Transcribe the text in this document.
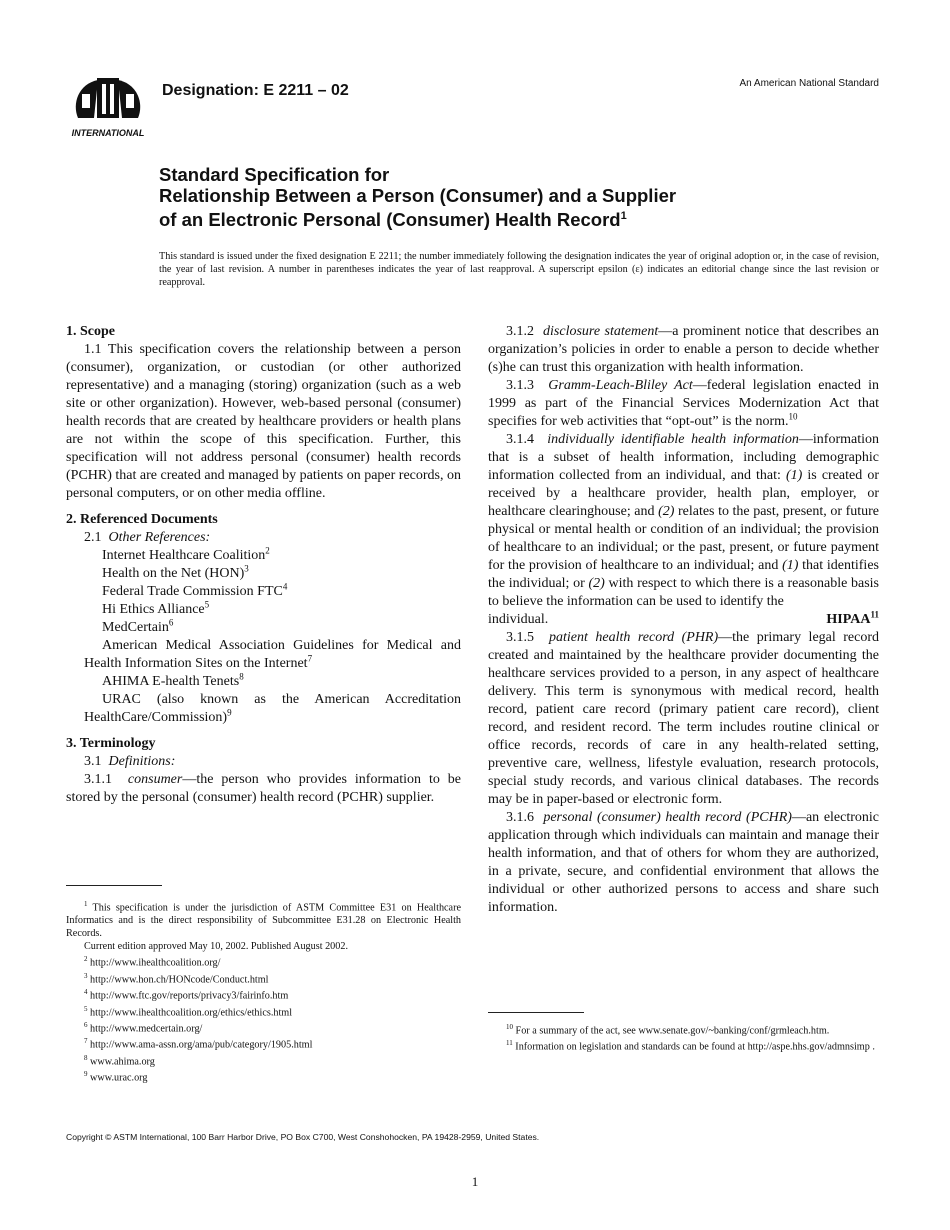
INTERNATIONAL
Designation: E 2211 – 02	An American National Standard
Standard Specification for
Relationship Between a Person (Consumer) and a Supplier
of an Electronic Personal (Consumer) Health Record$^1$

This standard is issued under the fixed designation E 2211; the number immediately following the designation indicates the year of original adoption or, in the case of revision, the year of last revision. A number in parentheses indicates the year of last reapproval. A superscript epsilon (ε) indicates an editorial change since the last revision or reapproval.

1. Scope

1.1 This specification covers the relationship between a person (consumer), organization, or custodian (or other authorized representative) and a managing (storing) organization (such as a web site or other organization). However, web-based personal (consumer) health records that are created by healthcare providers or health plans are not within the scope of this specification. Further, this specification will not address personal (consumer) health records (PCHR) that are created and managed by patients on paper records, on personal computers, or on other media offline.

2. Referenced Documents

2.1 Other References:

Internet Healthcare Coalition$^2$

Health on the Net (HON)$^3$

Federal Trade Commission FTC$^4$

Hi Ethics Alliance$^5$

MedCertain$^6$

American Medical Association Guidelines for Medical and Health Information Sites on the Internet$^7$

AHIMA E-health Tenets$^8$

URAC (also known as the American Accreditation HealthCare/Commission)$^9$

3. Terminology

3.1 Definitions:

3.1.1 consumer—the person who provides information to be stored by the personal (consumer) health record (PCHR) supplier.

3.1.2 disclosure statement—a prominent notice that describes an organization’s policies in order to enable a person to decide whether (s)he can trust this organization with health information.

3.1.3 Gramm-Leach-Bliley Act—federal legislation enacted in 1999 as part of the Financial Services Modernization Act that specifies for web activities that “opt-out” is the norm.$^{10}$

3.1.4 individually identifiable health information—information that is a subset of health information, including demographic information collected from an individual, and that: (1) is created or received by a healthcare provider, health plan, employer, or healthcare clearinghouse; and (2) relates to the past, present, or future physical or mental health or condition of an individual; the provision of healthcare to an individual; or the past, present, or future payment for the provision of healthcare to an individual; and (1) that identifies the individual; or (2) with respect to which there is a reasonable basis to believe the information can be used to identify the

individual.	HIPAA$^{11}$

3.1.5 patient health record (PHR)—the primary legal record created and maintained by the healthcare provider documenting the healthcare services provided to a person, in any aspect of healthcare delivery. This term is synonymous with medical record, health record, patient care record (primary patient care record), client record, and resident record. The term includes routine clinical or office records, records of care in any health-related setting, preventive care, wellness, lifestyle evaluation, research protocols, special study records, and various clinical databases. The records may be in paper-based or electronic form.

3.1.6 personal (consumer) health record (PCHR)—an electronic application through which individuals can maintain and manage their health information, and that of others for whom they are authorized, in a private, secure, and confidential environment that allows the individual or other authorized persons to access and share such information.

$^1$ This specification is under the jurisdiction of ASTM Committee E31 on Healthcare Informatics and is the direct responsibility of Subcommittee E31.28 on Electronic Health Records.

Current edition approved May 10, 2002. Published August 2002.

$^2$ http://www.ihealthcoalition.org/

$^3$ http://www.hon.ch/HONcode/Conduct.html

$^4$ http://www.ftc.gov/reports/privacy3/fairinfo.htm

$^5$ http://www.ihealthcoalition.org/ethics/ethics.html

$^6$ http://www.medcertain.org/

$^7$ http://www.ama-assn.org/ama/pub/category/1905.html

$^8$ www.ahima.org

$^9$ www.urac.org

$^{10}$ For a summary of the act, see www.senate.gov/~banking/conf/grmleach.htm.

$^{11}$ Information on legislation and standards can be found at http://aspe.hhs.gov/admnsimp .

Copyright © ASTM International, 100 Barr Harbor Drive, PO Box C700, West Conshohocken, PA 19428-2959, United States.
1
